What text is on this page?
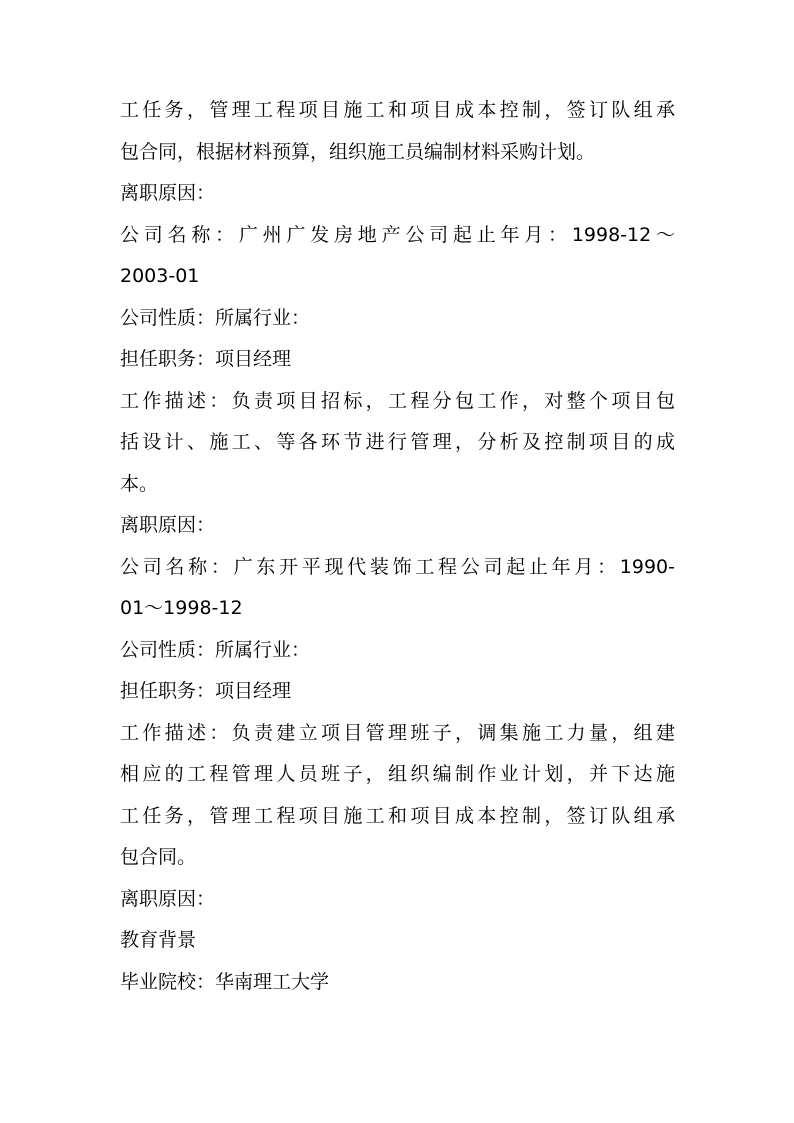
工任务，管理工程项目施工和项目成本控制，签订队组承
包合同，根据材料预算，组织施工员编制材料采购计划。
离职原因：
公司名称：广州广发房地产公司起止年月：1998-12～
2003-01
公司性质：所属行业：
担任职务：项目经理
工作描述：负责项目招标，工程分包工作，对整个项目包
括设计、施工、等各环节进行管理，分析及控制项目的成
本。
离职原因：
公司名称：广东开平现代装饰工程公司起止年月：1990-
01～1998-12
公司性质：所属行业：
担任职务：项目经理
工作描述：负责建立项目管理班子，调集施工力量，组建
相应的工程管理人员班子，组织编制作业计划，并下达施
工任务，管理工程项目施工和项目成本控制，签订队组承
包合同。
离职原因：
教育背景
毕业院校：华南理工大学
